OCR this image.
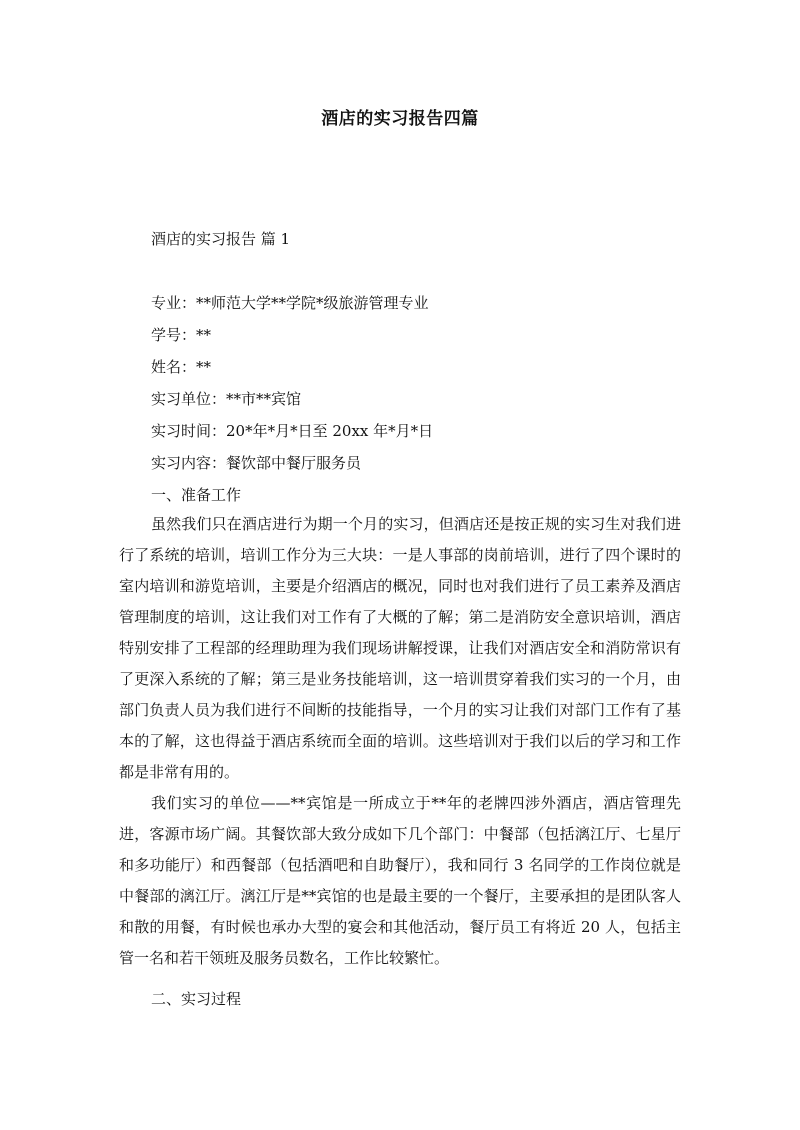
酒店的实习报告四篇
酒店的实习报告 篇 1
专业：**师范大学**学院*级旅游管理专业
学号：**
姓名：**
实习单位：**市**宾馆
实习时间：20*年*月*日至 20xx 年*月*日
实习内容：餐饮部中餐厅服务员
一、准备工作
虽然我们只在酒店进行为期一个月的实习，但酒店还是按正规的实习生对我们进行了系统的培训，培训工作分为三大块：一是人事部的岗前培训，进行了四个课时的室内培训和游览培训，主要是介绍酒店的概况，同时也对我们进行了员工素养及酒店管理制度的培训，这让我们对工作有了大概的了解；第二是消防安全意识培训，酒店特别安排了工程部的经理助理为我们现场讲解授课，让我们对酒店安全和消防常识有了更深入系统的了解；第三是业务技能培训，这一培训贯穿着我们实习的一个月，由部门负责人员为我们进行不间断的技能指导，一个月的实习让我们对部门工作有了基本的了解，这也得益于酒店系统而全面的培训。这些培训对于我们以后的学习和工作都是非常有用的。
我们实习的单位——**宾馆是一所成立于**年的老牌四涉外酒店，酒店管理先进，客源市场广阔。其餐饮部大致分成如下几个部门：中餐部（包括漓江厅、七星厅和多功能厅）和西餐部（包括酒吧和自助餐厅），我和同行 3 名同学的工作岗位就是中餐部的漓江厅。漓江厅是**宾馆的也是最主要的一个餐厅，主要承担的是团队客人和散的用餐，有时候也承办大型的宴会和其他活动，餐厅员工有将近 20 人，包括主管一名和若干领班及服务员数名，工作比较繁忙。
二、实习过程
